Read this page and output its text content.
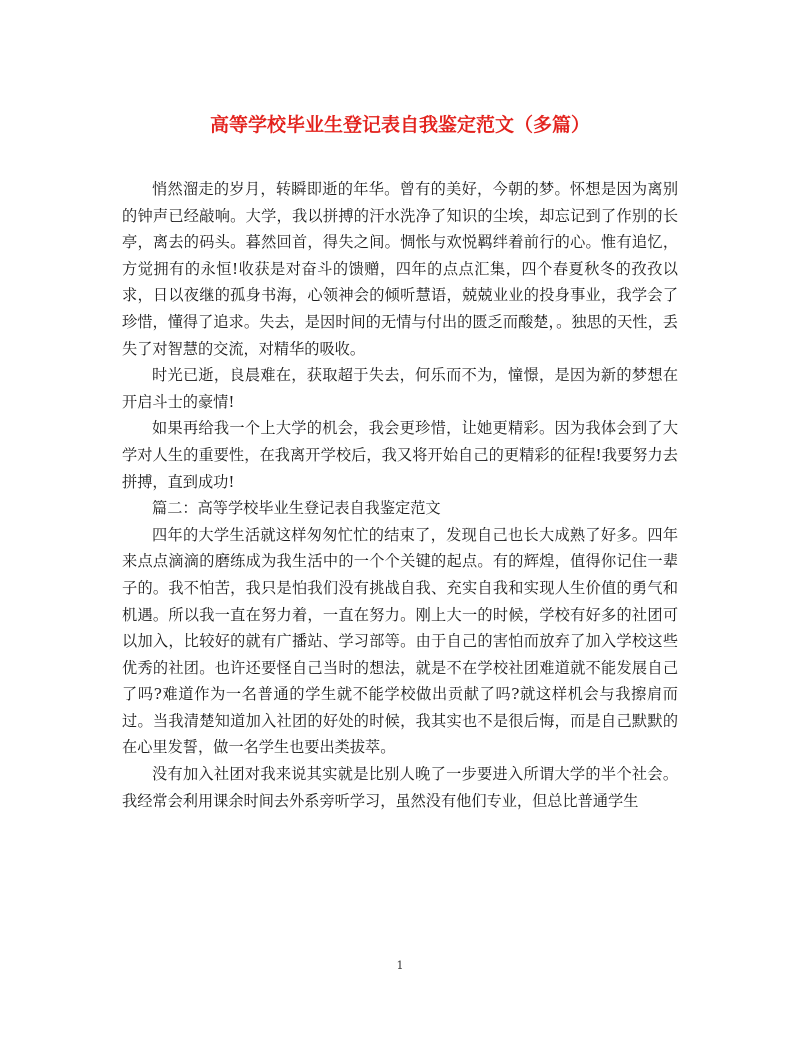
高等学校毕业生登记表自我鉴定范文（多篇）

悄然溜走的岁月，转瞬即逝的年华。曾有的美好，今朝的梦。怀想是因为离别的钟声已经敲响。大学，我以拼搏的汗水洗净了知识的尘埃，却忘记到了作别的长亭，离去的码头。暮然回首，得失之间。惆怅与欢悦羁绊着前行的心。惟有追忆，方觉拥有的永恒!收获是对奋斗的馈赠，四年的点点汇集，四个春夏秋冬的孜孜以求，日以夜继的孤身书海，心领神会的倾听慧语，兢兢业业的投身事业，我学会了珍惜，懂得了追求。失去，是因时间的无情与付出的匮乏而酸楚，。独思的天性，丢失了对智慧的交流，对精华的吸收。

时光已逝，良晨难在，获取超于失去，何乐而不为，憧憬，是因为新的梦想在开启斗士的豪情!

如果再给我一个上大学的机会，我会更珍惜，让她更精彩。因为我体会到了大学对人生的重要性，在我离开学校后，我又将开始自己的更精彩的征程!我要努力去拼搏，直到成功!

篇二：高等学校毕业生登记表自我鉴定范文

四年的大学生活就这样匆匆忙忙的结束了，发现自己也长大成熟了好多。四年来点点滴滴的磨练成为我生活中的一个个关键的起点。有的辉煌，值得你记住一辈子的。我不怕苦，我只是怕我们没有挑战自我、充实自我和实现人生价值的勇气和机遇。所以我一直在努力着，一直在努力。刚上大一的时候，学校有好多的社团可以加入，比较好的就有广播站、学习部等。由于自己的害怕而放弃了加入学校这些优秀的社团。也许还要怪自己当时的想法，就是不在学校社团难道就不能发展自己了吗?难道作为一名普通的学生就不能学校做出贡献了吗?就这样机会与我擦肩而过。当我清楚知道加入社团的好处的时候，我其实也不是很后悔，而是自己默默的在心里发誓，做一名学生也要出类拔萃。

没有加入社团对我来说其实就是比别人晚了一步要进入所谓大学的半个社会。我经常会利用课余时间去外系旁听学习，虽然没有他们专业，但总比普通学生

1
